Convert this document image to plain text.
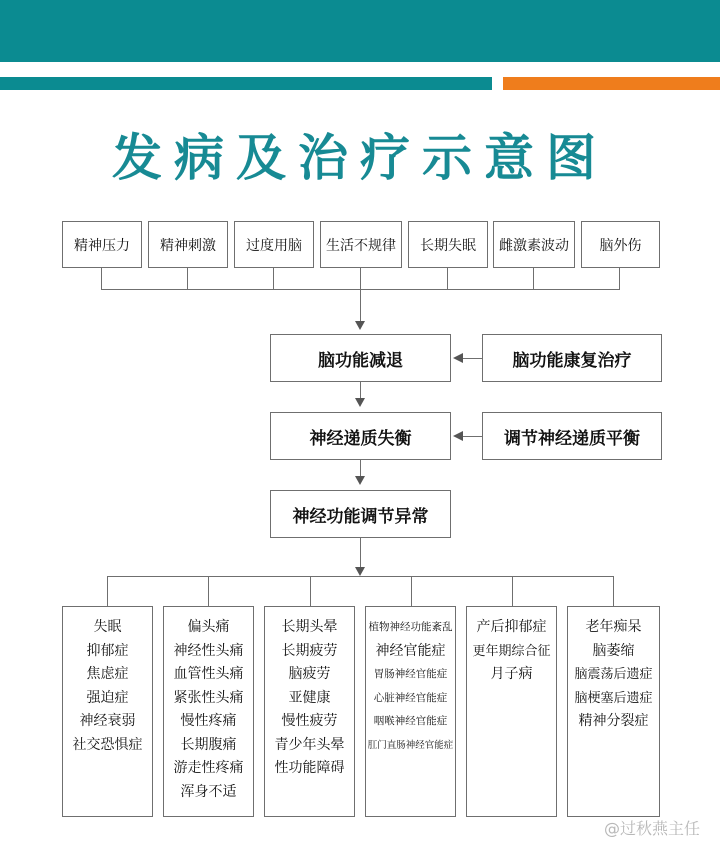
发病及治疗示意图
精神压力	精神刺激	过度用脑	生活不规律	长期失眠	雌激素波动	脑外伤
脑功能减退	脑功能康复治疗
神经递质失衡	调节神经递质平衡
神经功能调节异常
失眠
抑郁症
焦虑症
强迫症
神经衰弱
社交恐惧症
偏头痛
神经性头痛
血管性头痛
紧张性头痛
慢性疼痛
长期腹痛
游走性疼痛
浑身不适
长期头晕
长期疲劳
脑疲劳
亚健康
慢性疲劳
青少年头晕
性功能障碍
植物神经功能紊乱
神经官能症
胃肠神经官能症
心脏神经官能症
咽喉神经官能症
肛门直肠神经官能症
产后抑郁症
更年期综合征
月子病
老年痴呆
脑萎缩
脑震荡后遗症
脑梗塞后遗症
精神分裂症
@过秋燕主任
